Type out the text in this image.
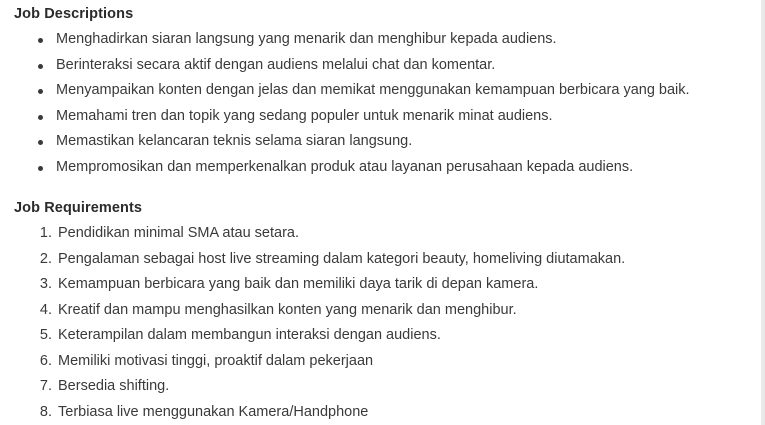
Job Descriptions
Menghadirkan siaran langsung yang menarik dan menghibur kepada audiens.
Berinteraksi secara aktif dengan audiens melalui chat dan komentar.
Menyampaikan konten dengan jelas dan memikat menggunakan kemampuan berbicara yang baik.
Memahami tren dan topik yang sedang populer untuk menarik minat audiens.
Memastikan kelancaran teknis selama siaran langsung.
Mempromosikan dan memperkenalkan produk atau layanan perusahaan kepada audiens.
Job Requirements
Pendidikan minimal SMA atau setara.
Pengalaman sebagai host live streaming dalam kategori beauty, homeliving diutamakan.
Kemampuan berbicara yang baik dan memiliki daya tarik di depan kamera.
Kreatif dan mampu menghasilkan konten yang menarik dan menghibur.
Keterampilan dalam membangun interaksi dengan audiens.
Memiliki motivasi tinggi, proaktif dalam pekerjaan
Bersedia shifting.
Terbiasa live menggunakan Kamera/Handphone
